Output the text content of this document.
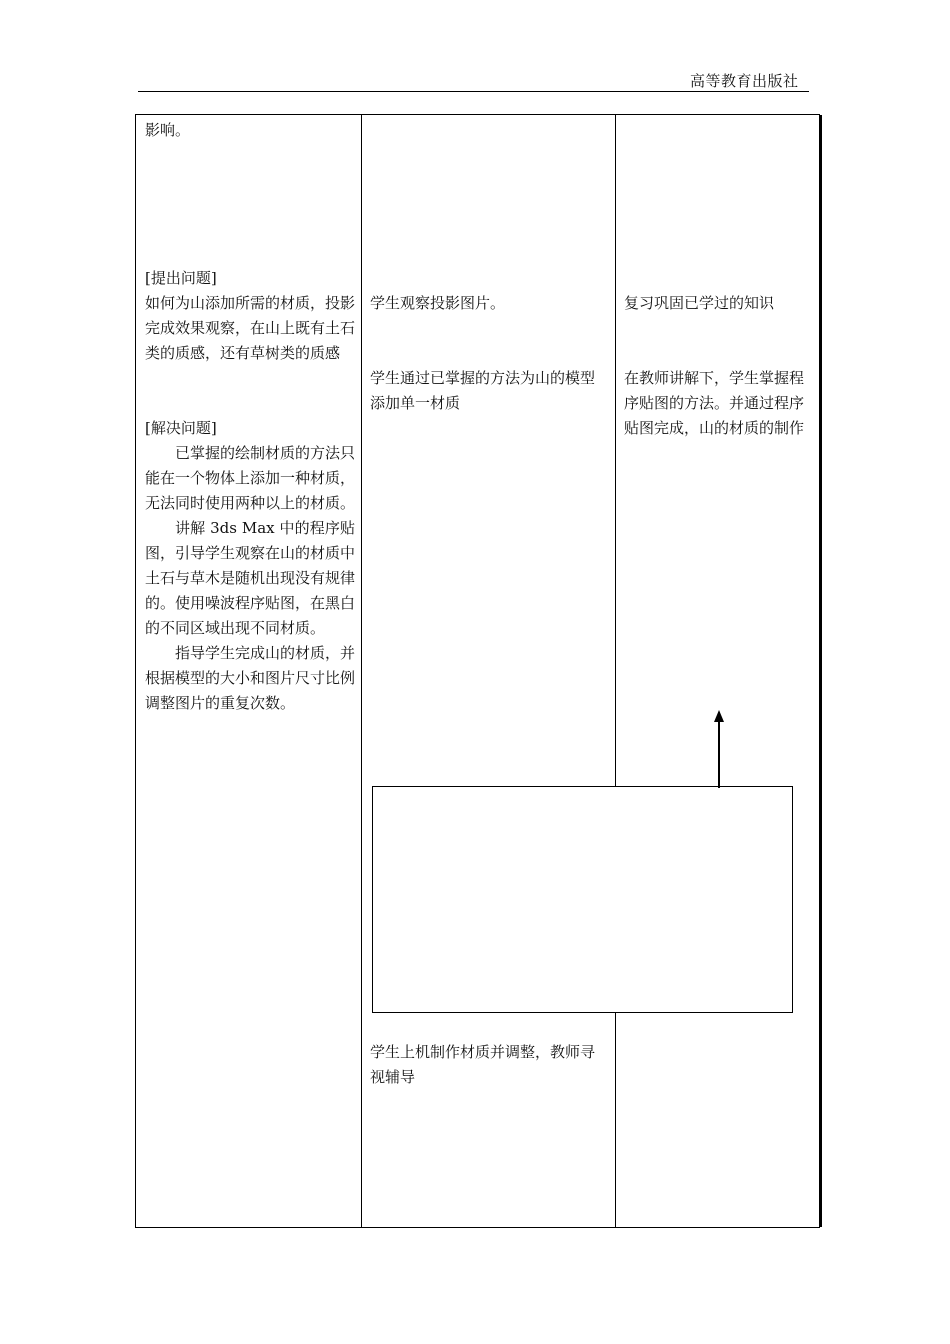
高等教育出版社
影响。

[提出问题]

如何为山添加所需的材质，投影完成效果观察，在山上既有土石类的质感，还有草树类的质感

[解决问题]

已掌握的绘制材质的方法只能在一个物体上添加一种材质，无法同时使用两种以上的材质。

讲解 3ds Max 中的程序贴图，引导学生观察在山的材质中土石与草木是随机出现没有规律的。使用噪波程序贴图，在黑白的不同区域出现不同材质。

指导学生完成山的材质，并根据模型的大小和图片尺寸比例调整图片的重复次数。

学生观察投影图片。
学生通过已掌握的方法为山的模型添加单一材质
学生上机制作材质并调整，教师寻视辅导
复习巩固已学过的知识
在教师讲解下，学生掌握程序贴图的方法。并通过程序贴图完成，山的材质的制作
